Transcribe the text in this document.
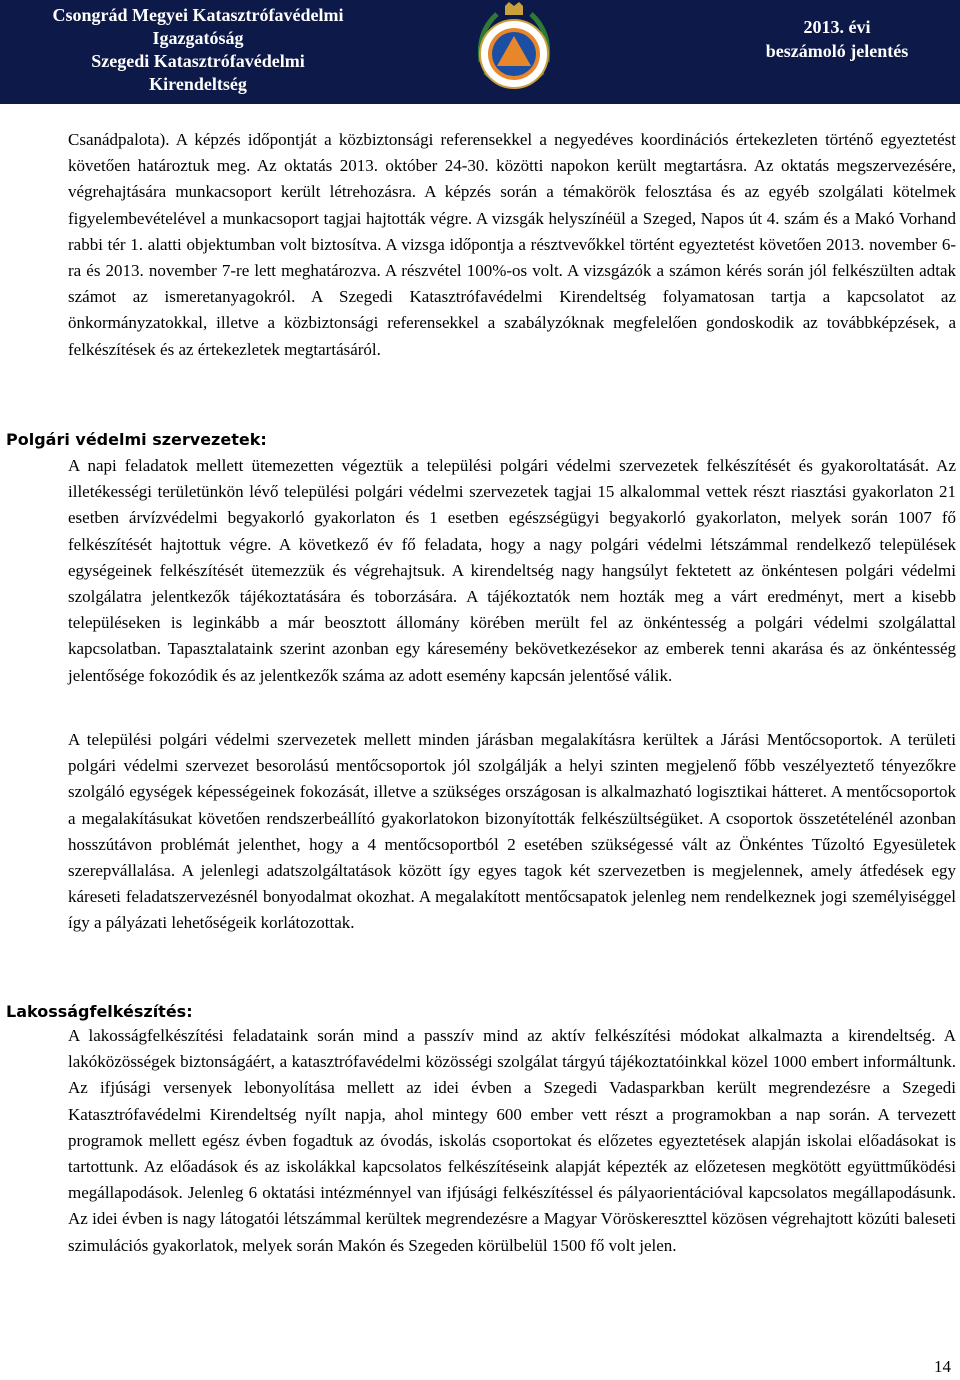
Csongrád Megyei Katasztrófavédelmi
Igazgatóság
Szegedi Katasztrófavédelmi
Kirendeltség
2013. évi
beszámoló jelentés

Csanádpalota). A képzés időpontját a közbiztonsági referensekkel a negyedéves koordinációs értekezleten történő egyeztetést követően határoztuk meg. Az oktatás 2013. október 24-30. közötti napokon került megtartásra. Az oktatás megszervezésére, végrehajtására munkacsoport került létrehozásra. A képzés során a témakörök felosztása és az egyéb szolgálati kötelmek figyelembevételével a munkacsoport tagjai hajtották végre. A vizsgák helyszínéül a Szeged, Napos út 4. szám és a Makó Vorhand rabbi tér 1. alatti objektumban volt biztosítva. A vizsga időpontja a résztvevőkkel történt egyeztetést követően 2013. november 6-ra és 2013. november 7-re lett meghatározva. A részvétel 100%-os volt. A vizsgázók a számon kérés során jól felkészülten adtak számot az ismeretanyagokról. A Szegedi Katasztrófavédelmi Kirendeltség folyamatosan tartja a kapcsolatot az önkormányzatokkal, illetve a közbiztonsági referensekkel a szabályzóknak megfelelően gondoskodik az továbbképzések, a felkészítések és az értekezletek megtartásáról.

Polgári védelmi szervezetek:

A napi feladatok mellett ütemezetten végeztük a települési polgári védelmi szervezetek felkészítését és gyakoroltatását. Az illetékességi területünkön lévő települési polgári védelmi szervezetek tagjai 15 alkalommal vettek részt riasztási gyakorlaton 21 esetben árvízvédelmi begyakorló gyakorlaton és 1 esetben egészségügyi begyakorló gyakorlaton, melyek során 1007 fő felkészítését hajtottuk végre. A következő év fő feladata, hogy a nagy polgári védelmi létszámmal rendelkező települések egységeinek felkészítését ütemezzük és végrehajtsuk. A kirendeltség nagy hangsúlyt fektetett az önkéntesen polgári védelmi szolgálatra jelentkezők tájékoztatására és toborzására. A tájékoztatók nem hozták meg a várt eredményt, mert a kisebb településeken is leginkább a már beosztott állomány körében merült fel az önkéntesség a polgári védelmi szolgálattal kapcsolatban. Tapasztalataink szerint azonban egy káresemény bekövetkezésekor az emberek tenni akarása és az önkéntesség jelentősége fokozódik és az jelentkezők száma az adott esemény kapcsán jelentősé válik.

A települési polgári védelmi szervezetek mellett minden járásban megalakításra kerültek a Járási Mentőcsoportok. A területi polgári védelmi szervezet besorolású mentőcsoportok jól szolgálják a helyi szinten megjelenő főbb veszélyeztető tényezőkre szolgáló egységek képességeinek fokozását, illetve a szükséges országosan is alkalmazható logisztikai hátteret. A mentőcsoportok a megalakításukat követően rendszerbeállító gyakorlatokon bizonyították felkészültségüket. A csoportok összetételénél azonban hosszútávon problémát jelenthet, hogy a 4 mentőcsoportból 2 esetében szükségessé vált az Önkéntes Tűzoltó Egyesületek szerepvállalása. A jelenlegi adatszolgáltatások között így egyes tagok két szervezetben is megjelennek, amely átfedések egy káreseti feladatszervezésnél bonyodalmat okozhat. A megalakított mentőcsapatok jelenleg nem rendelkeznek jogi személyiséggel így a pályázati lehetőségeik korlátozottak.

Lakosságfelkészítés:

A lakosságfelkészítési feladataink során mind a passzív mind az aktív felkészítési módokat alkalmazta a kirendeltség. A lakóközösségek biztonságáért, a katasztrófavédelmi közösségi szolgálat tárgyú tájékoztatóinkkal közel 1000 embert informáltunk. Az ifjúsági versenyek lebonyolítása mellett az idei évben a Szegedi Vadasparkban került megrendezésre a Szegedi Katasztrófavédelmi Kirendeltség nyílt napja, ahol mintegy 600 ember vett részt a programokban a nap során. A tervezett programok mellett egész évben fogadtuk az óvodás, iskolás csoportokat és előzetes egyeztetések alapján iskolai előadásokat is tartottunk. Az előadások és az iskolákkal kapcsolatos felkészítéseink alapját képezték az előzetesen megkötött együttműködési megállapodások. Jelenleg 6 oktatási intézménnyel van ifjúsági felkészítéssel és pályaorientációval kapcsolatos megállapodásunk. Az idei évben is nagy látogatói létszámmal kerültek megrendezésre a Magyar Vöröskereszttel közösen végrehajtott közúti baleseti szimulációs gyakorlatok, melyek során Makón és Szegeden körülbelül 1500 fő volt jelen.

14
